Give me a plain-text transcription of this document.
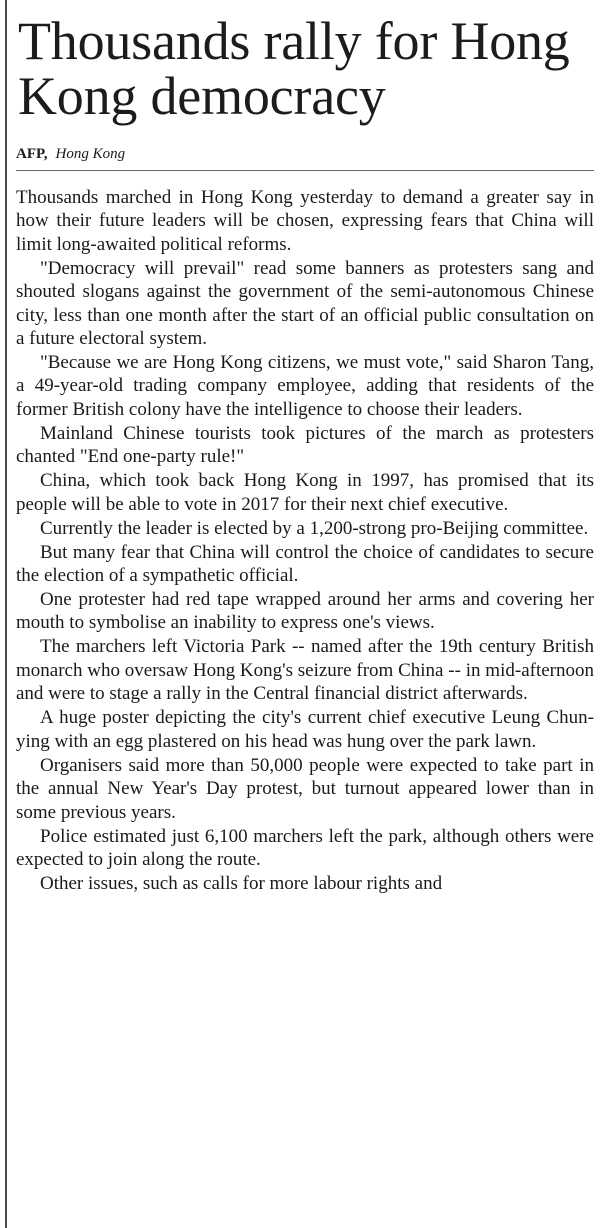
Thousands rally for Hong Kong democracy
AFP, Hong Kong

Thousands marched in Hong Kong yesterday to demand a greater say in how their future leaders will be chosen, expressing fears that China will limit long-awaited political reforms.

"Democracy will prevail" read some banners as protesters sang and shouted slogans against the government of the semi-autonomous Chinese city, less than one month after the start of an official public consultation on a future electoral system.

"Because we are Hong Kong citizens, we must vote," said Sharon Tang, a 49-year-old trading company employee, adding that residents of the former British colony have the intelligence to choose their leaders.

Mainland Chinese tourists took pictures of the march as protesters chanted "End one-party rule!"

China, which took back Hong Kong in 1997, has promised that its people will be able to vote in 2017 for their next chief executive.

Currently the leader is elected by a 1,200-strong pro-Beijing committee.

But many fear that China will control the choice of candidates to secure the election of a sympathetic official.

One protester had red tape wrapped around her arms and covering her mouth to symbolise an inability to express one's views.

The marchers left Victoria Park -- named after the 19th century British monarch who oversaw Hong Kong's seizure from China -- in mid-afternoon and were to stage a rally in the Central financial district afterwards.

A huge poster depicting the city's current chief executive Leung Chun-ying with an egg plastered on his head was hung over the park lawn.

Organisers said more than 50,000 people were expected to take part in the annual New Year's Day protest, but turnout appeared lower than in some previous years.

Police estimated just 6,100 marchers left the park, although others were expected to join along the route.

Other issues, such as calls for more labour rights and
